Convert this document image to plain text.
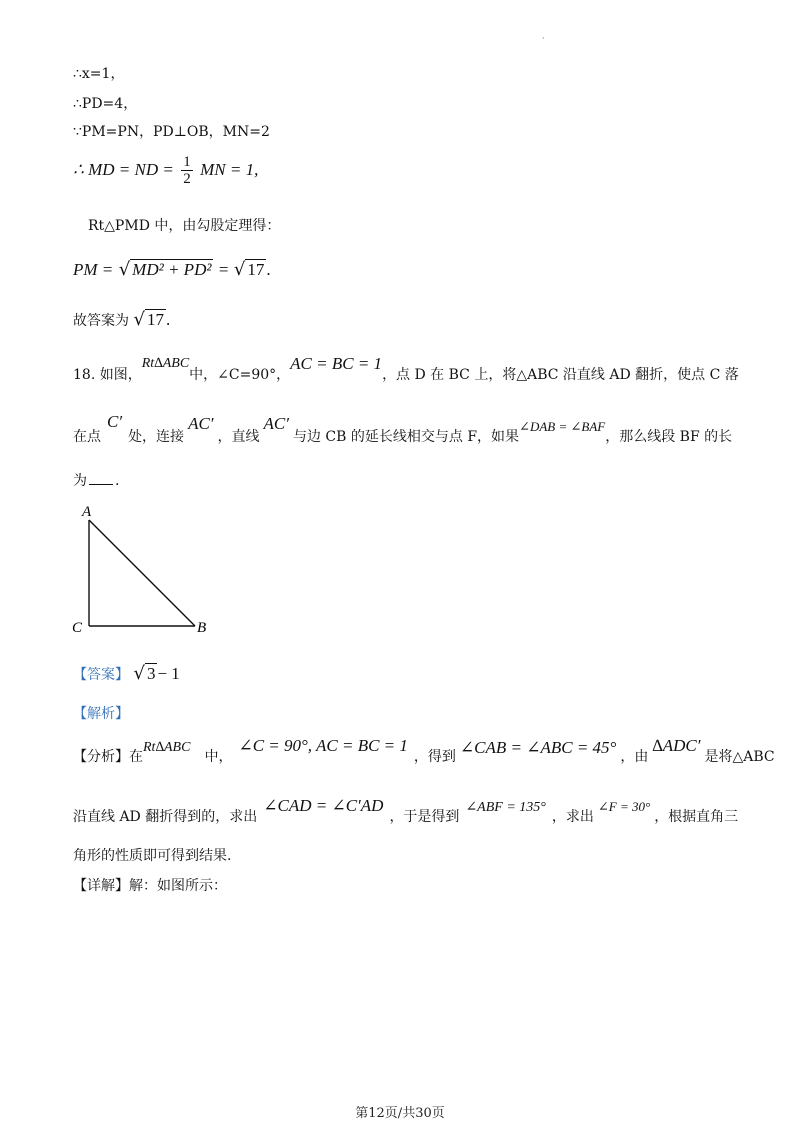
·
∴x=1，
∴PD=4，
∵PM=PN，PD⊥OB，MN=2
∴ MD = ND = $\frac{1}{2}$ MN = 1,
Rt△PMD 中，由勾股定理得：
PM = √ MD² + PD² = √ 17 .
故答案为 √ 17 .
18. 如图，Rt∆ABC中，∠C=90°，AC = BC = 1，点 D 在 BC 上，将△ABC 沿直线 AD 翻折，使点 C 落
在点C′处，连接AC′，直线AC′与边 CB 的延长线相交与点 F，如果∠DAB = ∠BAF，那么线段 BF 的长
为 .
A
C	B
【答案】 √ 3 − 1
【解析】
【分析】在Rt∆ABC中，∠C = 90°, AC = BC = 1，得到 ∠CAB = ∠ABC = 45° ，由∆ADC′是将△ABC
沿直线 AD 翻折得到的，求出∠CAD = ∠C′AD，于是得到∠ABF = 135°，求出∠F = 30°，根据直角三
角形的性质即可得到结果.
【详解】解：如图所示：
第12页/共30页
